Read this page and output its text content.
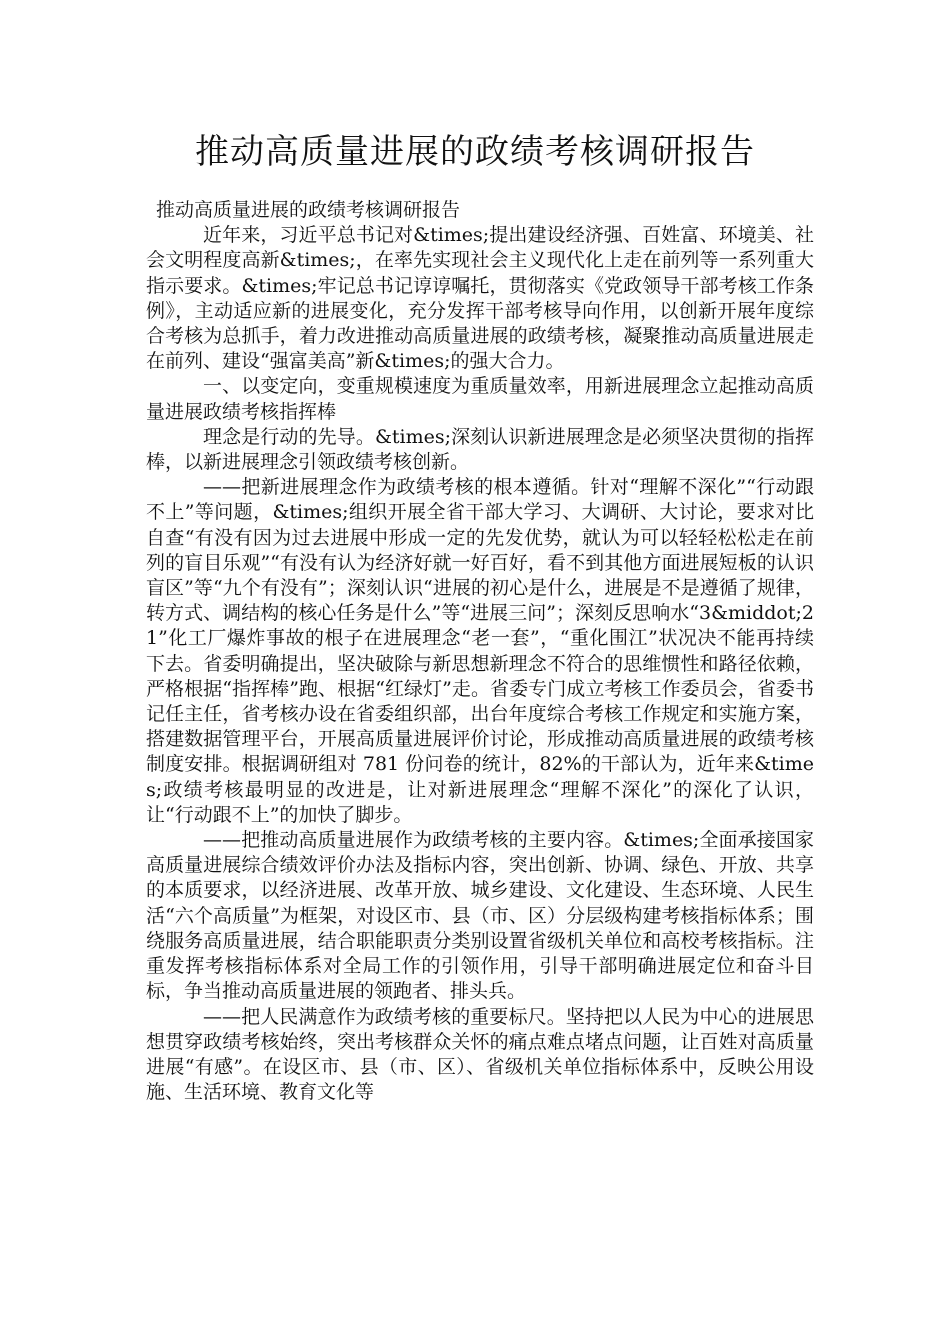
推动高质量进展的政绩考核调研报告

推动高质量进展的政绩考核调研报告

近年来，习近平总书记对&times;提出建设经济强、百姓富、环境美、社会文明程度高新&times;，在率先实现社会主义现代化上走在前列等一系列重大指示要求。&times;牢记总书记谆谆嘱托，贯彻落实《党政领导干部考核工作条例》，主动适应新的进展变化，充分发挥干部考核导向作用，以创新开展年度综合考核为总抓手，着力改进推动高质量进展的政绩考核，凝聚推动高质量进展走在前列、建设“强富美高”新&times;的强大合力。

一、以变定向，变重规模速度为重质量效率，用新进展理念立起推动高质量进展政绩考核指挥棒

理念是行动的先导。&times;深刻认识新进展理念是必须坚决贯彻的指挥棒，以新进展理念引领政绩考核创新。

——把新进展理念作为政绩考核的根本遵循。针对“理解不深化”“行动跟不上”等问题，&times;组织开展全省干部大学习、大调研、大讨论，要求对比自查“有没有因为过去进展中形成一定的先发优势，就认为可以轻轻松松走在前列的盲目乐观”“有没有认为经济好就一好百好，看不到其他方面进展短板的认识盲区”等“九个有没有”；深刻认识“进展的初心是什么，进展是不是遵循了规律，转方式、调结构的核心任务是什么”等“进展三问”；深刻反思响水“3&middot;21”化工厂爆炸事故的根子在进展理念“老一套”，“重化围江”状况决不能再持续下去。省委明确提出，坚决破除与新思想新理念不符合的思维惯性和路径依赖，严格根据“指挥棒”跑、根据“红绿灯”走。省委专门成立考核工作委员会，省委书记任主任，省考核办设在省委组织部，出台年度综合考核工作规定和实施方案，搭建数据管理平台，开展高质量进展评价讨论，形成推动高质量进展的政绩考核制度安排。根据调研组对 781 份问卷的统计，82%的干部认为，近年来&times;政绩考核最明显的改进是，让对新进展理念“理解不深化”的深化了认识，让“行动跟不上”的加快了脚步。

——把推动高质量进展作为政绩考核的主要内容。&times;全面承接国家高质量进展综合绩效评价办法及指标内容，突出创新、协调、绿色、开放、共享的本质要求，以经济进展、改革开放、城乡建设、文化建设、生态环境、人民生活“六个高质量”为框架，对设区市、县（市、区）分层级构建考核指标体系；围绕服务高质量进展，结合职能职责分类别设置省级机关单位和高校考核指标。注重发挥考核指标体系对全局工作的引领作用，引导干部明确进展定位和奋斗目标，争当推动高质量进展的领跑者、排头兵。

——把人民满意作为政绩考核的重要标尺。坚持把以人民为中心的进展思想贯穿政绩考核始终，突出考核群众关怀的痛点难点堵点问题，让百姓对高质量进展“有感”。在设区市、县（市、区）、省级机关单位指标体系中，反映公用设施、生活环境、教育文化等
